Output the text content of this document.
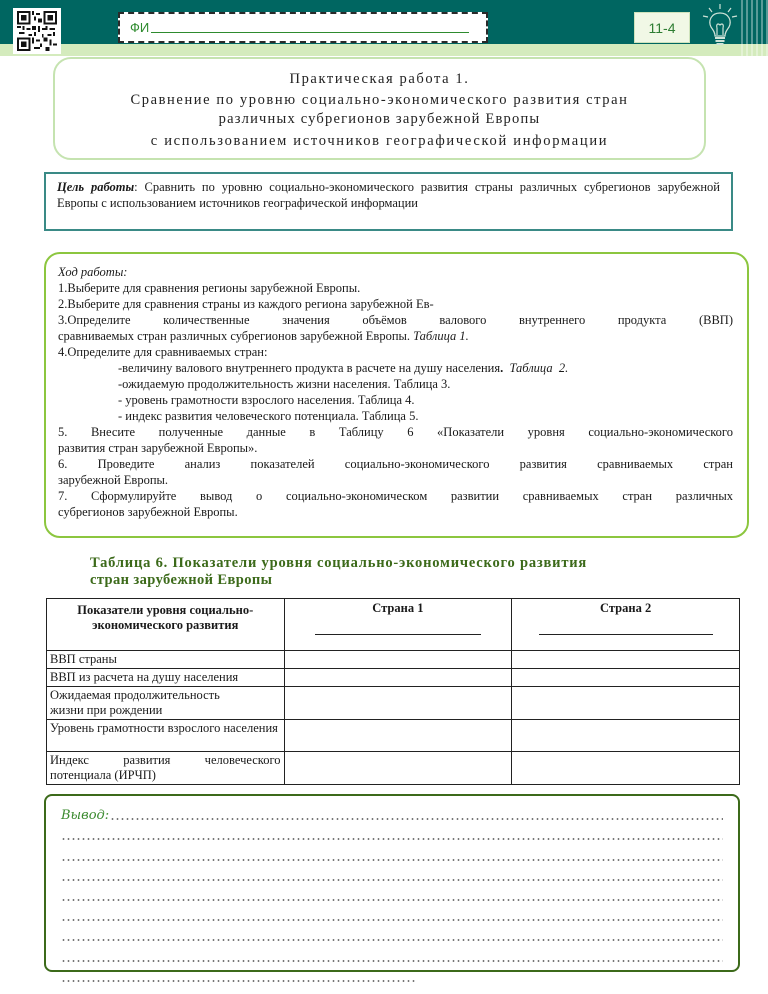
ФИ	11-4
Практическая работа 1.
Сравнение по уровню социально-экономического развития стран
различных субрегионов зарубежной Европы
с использованием источников географической информации
Цель работы: Сравнить по уровню социально-экономического развития страны различных субрегионов зарубежной Европы с использованием источников географической информации
Ход работы:
1.Выберите для сравнения регионы зарубежной Европы.
2.Выберите для сравнения страны из каждого региона зарубежной Ев-
3.Определите количественные значения объёмов валового внутреннего продукта (ВВП)
сравниваемых стран различных субрегионов зарубежной Европы. Таблица 1.
4.Определите для сравниваемых стран:
-величину валового внутреннего продукта в расчете на душу населения.  Таблица  2.
-ожидаемую продолжительность жизни населения. Таблица 3.
- уровень грамотности взрослого населения. Таблица 4.
- индекс развития человеческого потенциала. Таблица 5.
5. Внесите полученные данные в Таблицу 6 «Показатели уровня социально-экономического
развития стран зарубежной Европы».
6. Проведите анализ показателей социально-экономического развития сравниваемых стран
зарубежной Европы.
7. Сформулируйте вывод о социально-экономическом развитии сравниваемых стран различных
субрегионов зарубежной Европы.
Таблица 6. Показатели уровня социально-экономического развития
стран зарубежной Европы
Показатели уровня социально-экономического развития	Страна 1	Страна 2

ВВП страны		
ВВП из расчета на душу населения		
Ожидаемая продолжительность жизни при рождении		
Уровень грамотности взрослого населения		
Индекс развития человеческого потенциала (ИРЧП)		
Вывод:
